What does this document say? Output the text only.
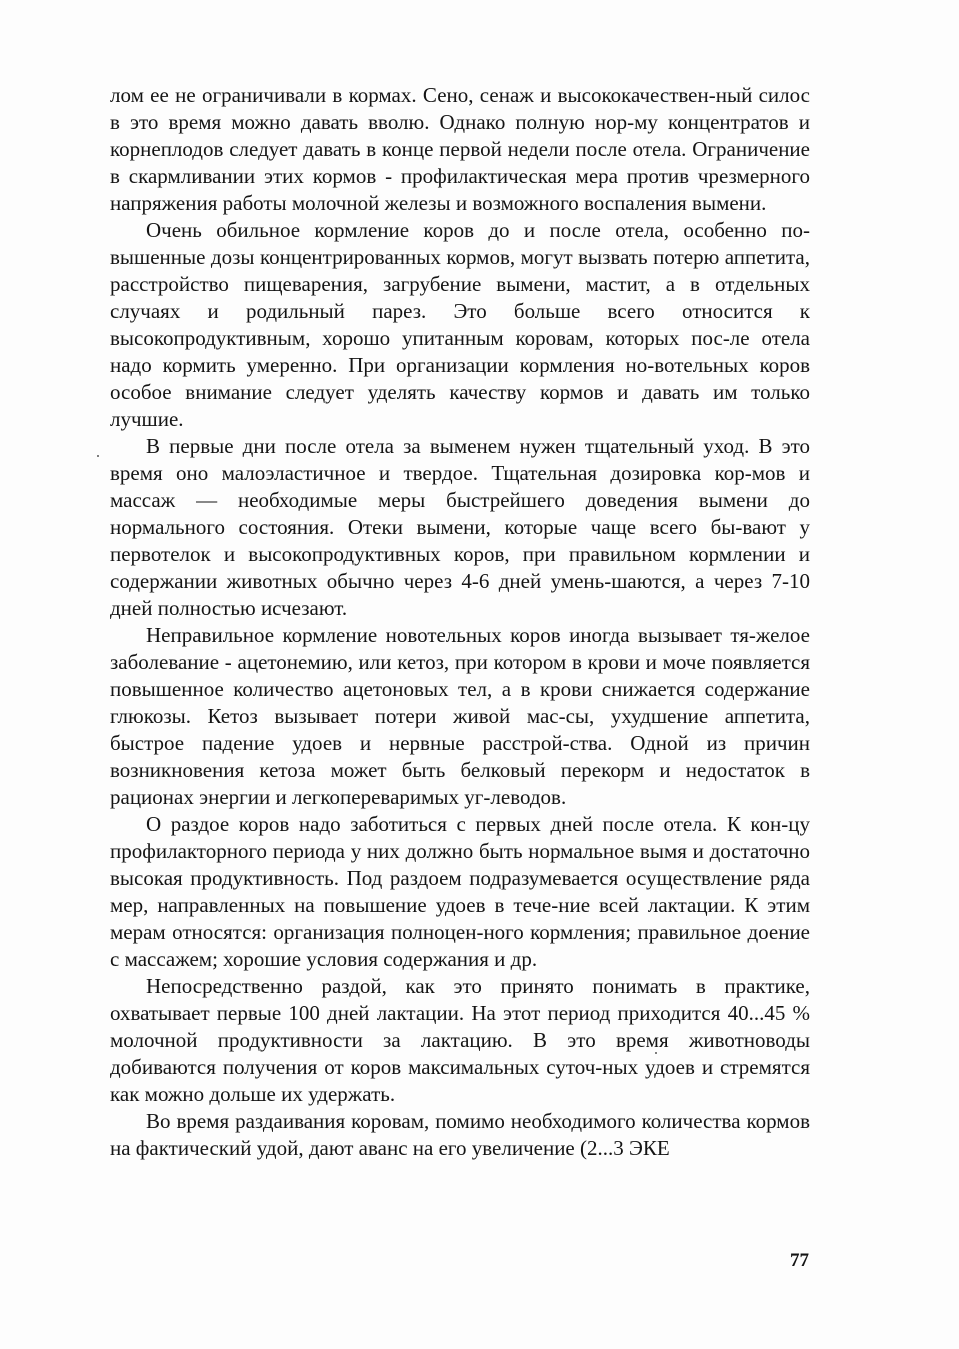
лом ее не ограничивали в кормах. Сено, сенаж и высококачествен-ный силос в это время можно давать вволю. Однако полную нор-му концентратов и корнеплодов следует давать в конце первой недели после отела. Ограничение в скармливании этих кормов - профилактическая мера против чрезмерного напряжения работы молочной железы и возможного воспаления вымени.

Очень обильное кормление коров до и после отела, особенно по-вышенные дозы концентрированных кормов, могут вызвать потерю аппетита, расстройство пищеварения, загрубение вымени, мастит, а в отдельных случаях и родильный парез. Это больше всего относится к высокопродуктивным, хорошо упитанным коровам, которых пос-ле отела надо кормить умеренно. При организации кормления но-вотельных коров особое внимание следует уделять качеству кормов и давать им только лучшие.

В первые дни после отела за выменем нужен тщательный уход. В это время оно малоэластичное и твердое. Тщательная дозировка кор-мов и массаж — необходимые меры быстрейшего доведения вымени до нормального состояния. Отеки вымени, которые чаще всего бы-вают у первотелок и высокопродуктивных коров, при правильном кормлении и содержании животных обычно через 4-6 дней умень-шаются, а через 7-10 дней полностью исчезают.

Неправильное кормление новотельных коров иногда вызывает тя-желое заболевание - ацетонемию, или кетоз, при котором в крови и моче появляется повышенное количество ацетоновых тел, а в крови снижается содержание глюкозы. Кетоз вызывает потери живой мас-сы, ухудшение аппетита, быстрое падение удоев и нервные расстрой-ства. Одной из причин возникновения кетоза может быть белковый перекорм и недостаток в рационах энергии и легкопереваримых уг-леводов.

О раздое коров надо заботиться с первых дней после отела. К кон-цу профилакторного периода у них должно быть нормальное вымя и достаточно высокая продуктивность. Под раздоем подразумевается осуществление ряда мер, направленных на повышение удоев в тече-ние всей лактации. К этим мерам относятся: организация полноцен-ного кормления; правильное доение с массажем; хорошие условия содержания и др.

Непосредственно раздой, как это принято понимать в практике, охватывает первые 100 дней лактации. На этот период приходится 40...45 % молочной продуктивности за лактацию. В это время животноводы добиваются получения от коров максимальных суточ-ных удоев и стремятся как можно дольше их удержать.

Во время раздаивания коровам, помимо необходимого количества кормов на фактический удой, дают аванс на его увеличение (2...3 ЭКЕ

77
